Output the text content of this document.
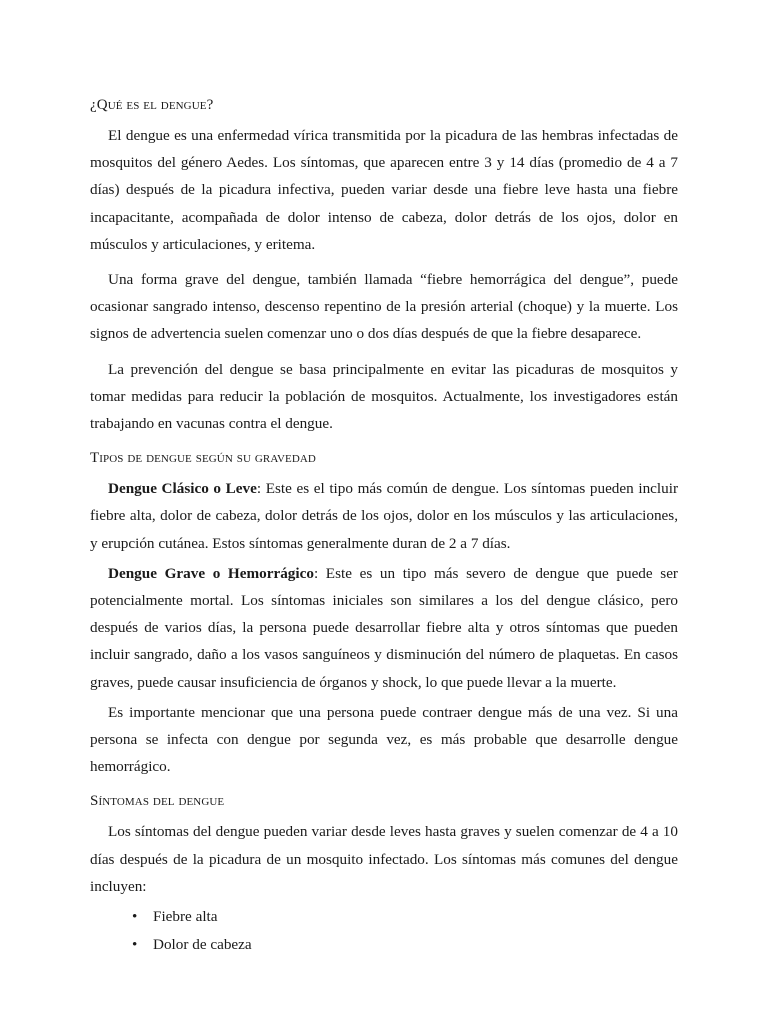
¿Qué es el dengue?

El dengue es una enfermedad vírica transmitida por la picadura de las hembras infectadas de mosquitos del género Aedes. Los síntomas, que aparecen entre 3 y 14 días (promedio de 4 a 7 días) después de la picadura infectiva, pueden variar desde una fiebre leve hasta una fiebre incapacitante, acompañada de dolor intenso de cabeza, dolor detrás de los ojos, dolor en músculos y articulaciones, y eritema.

Una forma grave del dengue, también llamada “fiebre hemorrágica del dengue”, puede ocasionar sangrado intenso, descenso repentino de la presión arterial (choque) y la muerte. Los signos de advertencia suelen comenzar uno o dos días después de que la fiebre desaparece.

La prevención del dengue se basa principalmente en evitar las picaduras de mosquitos y tomar medidas para reducir la población de mosquitos. Actualmente, los investigadores están trabajando en vacunas contra el dengue.

Tipos de dengue según su gravedad

Dengue Clásico o Leve: Este es el tipo más común de dengue. Los síntomas pueden incluir fiebre alta, dolor de cabeza, dolor detrás de los ojos, dolor en los músculos y las articulaciones, y erupción cutánea. Estos síntomas generalmente duran de 2 a 7 días.

Dengue Grave o Hemorrágico: Este es un tipo más severo de dengue que puede ser potencialmente mortal. Los síntomas iniciales son similares a los del dengue clásico, pero después de varios días, la persona puede desarrollar fiebre alta y otros síntomas que pueden incluir sangrado, daño a los vasos sanguíneos y disminución del número de plaquetas. En casos graves, puede causar insuficiencia de órganos y shock, lo que puede llevar a la muerte.

Es importante mencionar que una persona puede contraer dengue más de una vez. Si una persona se infecta con dengue por segunda vez, es más probable que desarrolle dengue hemorrágico.

Síntomas del dengue

Los síntomas del dengue pueden variar desde leves hasta graves y suelen comenzar de 4 a 10 días después de la picadura de un mosquito infectado. Los síntomas más comunes del dengue incluyen:

• Fiebre alta
• Dolor de cabeza
